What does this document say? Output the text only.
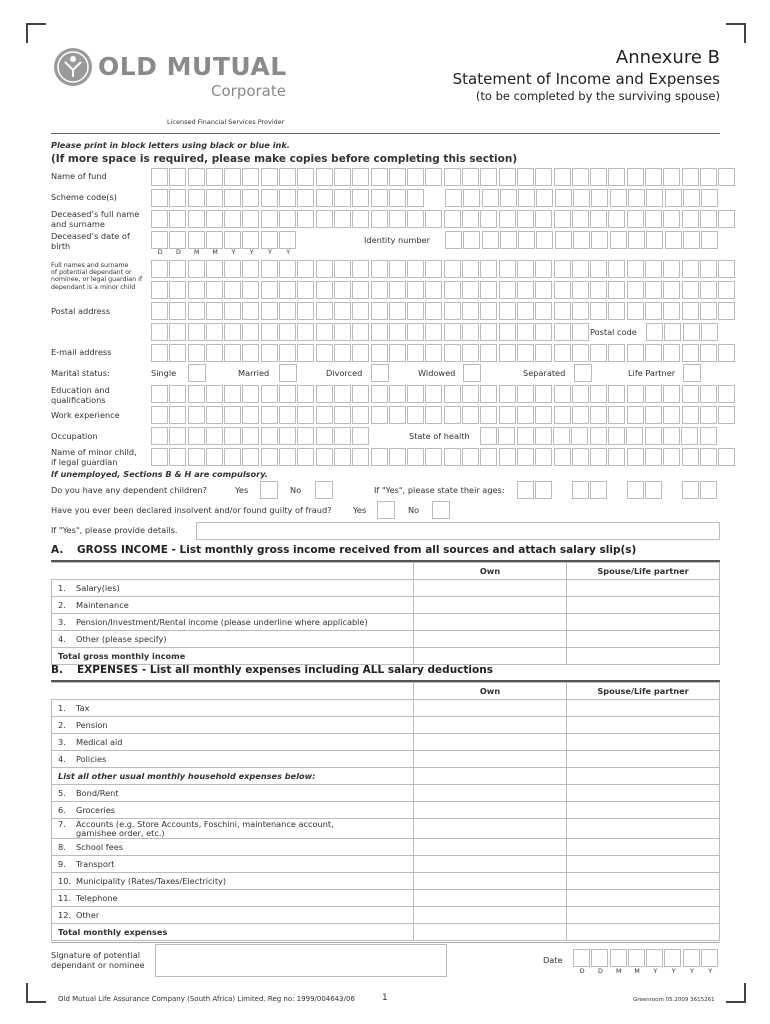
OLD MUTUAL
Corporate
Licensed Financial Services Provider
Annexure B
Statement of Income and Expenses
(to be completed by the surviving spouse)
Please print in block letters using black or blue ink.
(If more space is required, please make copies before completing this section)
Name of fund
Scheme code(s)
Deceased’s full name
and surname
Deceased’s date of
birth
D	D	M	M	Y	Y	Y	Y
Identity number
Full names and surname
of potential dependant or
nominee, or legal guardian if
dependant is a minor child
Postal address
Postal code
E-mail address
Marital status:	Single	Married	Divorced	Widowed	Separated	Life Partner
Education and
qualifications
Work experience
Occupation	State of health
Name of minor child,
if legal guardian
If unemployed, Sections B & H are compulsory.
Do you have any dependent children?	Yes	No	If "Yes", please state their ages:
Have you ever been declared insolvent and/or found guilty of fraud?	Yes	No
If "Yes", please provide details.
A. GROSS INCOME - List monthly gross income received from all sources and attach salary slip(s)
	Own	Spouse/Life partner
1. Salary(ies)		
2. Maintenance		
3. Pension/Investment/Rental income (please underline where applicable)		
4. Other (please specify)		
Total gross monthly income		
B. EXPENSES - List all monthly expenses including ALL salary deductions
	Own	Spouse/Life partner
1. Tax		
2. Pension		
3. Medical aid		
4. Policies		
List all other usual monthly household expenses below:		
5. Bond/Rent		
6. Groceries		
7. Accounts (e.g. Store Accounts, Foschini, maintenance account, garnishee order, etc.)		
8. School fees		
9. Transport		
10. Municipality (Rates/Taxes/Electricity)		
11. Telephone		
12. Other		
Total monthly expenses		
Signature of potential
dependant or nominee	Date
D	D	M	M	Y	Y	Y	Y
Old Mutual Life Assurance Company (South Africa) Limited. Reg no: 1999/004643/06	1	Greenroom 05.2009 3615261
